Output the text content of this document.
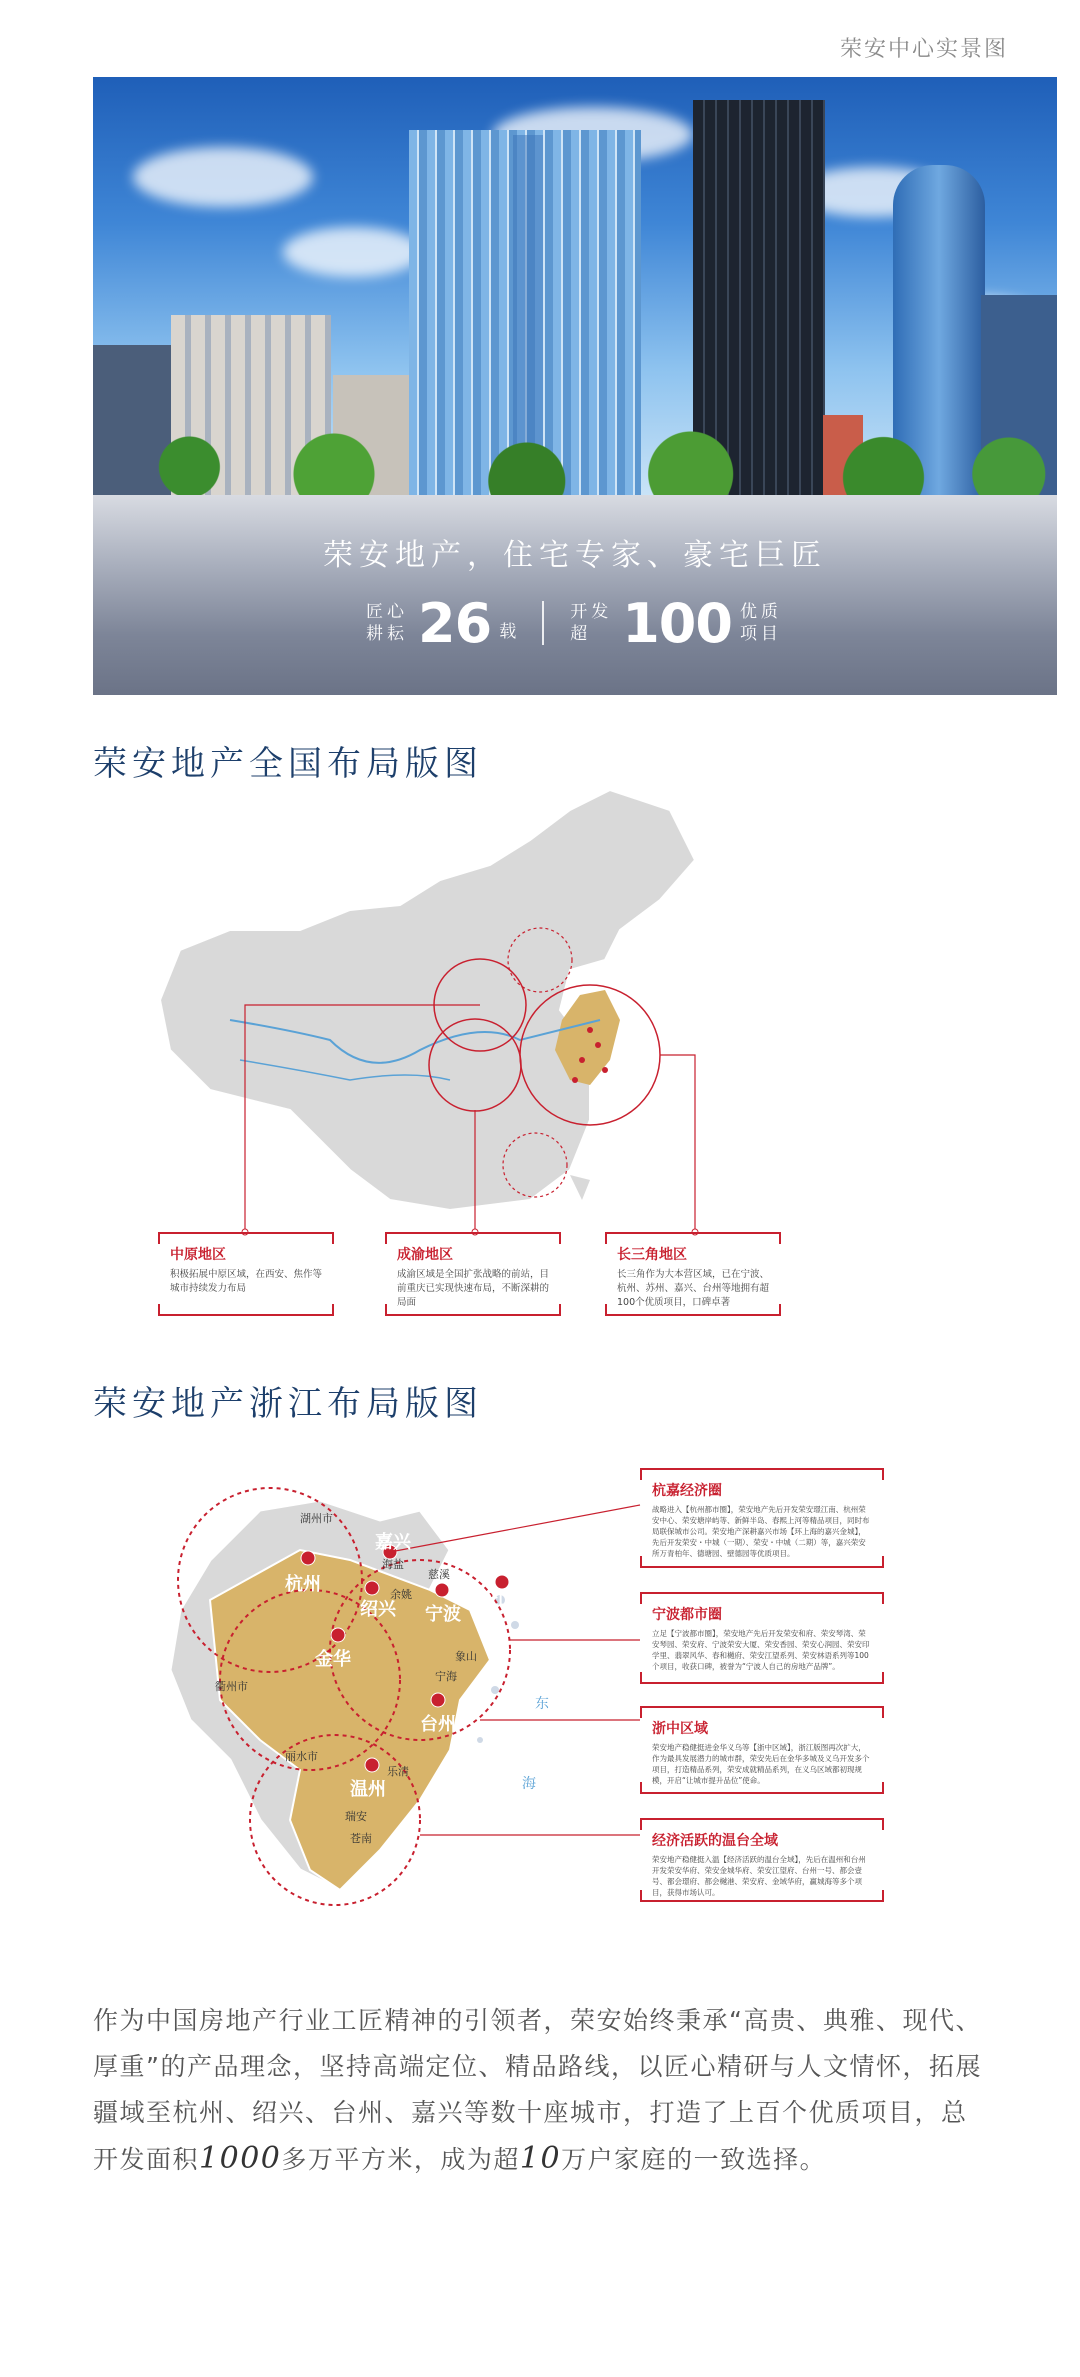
荣安中心实景图
荣安地产，住宅专家、豪宅巨匠
匠心耕耘 26 载
开发超 100 优质项目
荣安地产全国布局版图
中原地区
积极拓展中原区域，在西安、焦作等城市持续发力布局
成渝地区
成渝区域是全国扩张战略的前站，目前重庆已实现快速布局，不断深耕的局面
长三角地区
长三角作为大本营区域，已在宁波、杭州、苏州、嘉兴、台州等地拥有超100个优质项目，口碑卓著
荣安地产浙江布局版图
嘉兴
杭州
绍兴 宁波
舟山
金华
台州
温州
湖州市
海盐
慈溪
余姚
象山
宁海
衢州市
丽水市
乐清
瑞安
苍南
东
海
杭嘉经济圈
战略进入【杭州都市圈】，荣安地产先后开发荣安璟江南、杭州荣安中心、荣安塘岸屿等、新鲜半岛、春熙上河等精品项目，同时布局联保城市公司。荣安地产深耕嘉兴市场【环上海的嘉兴金城】，先后开发荣安・中城（一期）、荣安・中城（二期）等，嘉兴荣安所万青柏年、德塘园、壁德园等优质项目。
宁波都市圈
立足【宁波都市圈】，荣安地产先后开发荣安和府、荣安琴湾、荣安琴园、荣安府、宁波荣安大厦、荣安香园、荣安心润园、荣安印学里、翡翠风华、春和樾府、荣安江望系列、荣安林语系列等100个项目，收获口碑，被誉为“宁波人自己的房地产品牌”。
浙中区域
荣安地产稳健挺进金华义乌等【浙中区域】，浙江版图再次扩大，作为最具发展潜力的城市群，荣安先后在金华多城及义乌开发多个项目，打造精品系列，荣安成就精品系列，在义乌区域都初现规模，开启“让城市提升品位”使命。
经济活跃的温台全域
荣安地产稳健挺入温【经济活跃的温台全域】，先后在温州和台州开发荣安华府、荣安金城华府、荣安江望府、台州一号、都会壹号、都会璟府、都会樾港、荣安府、金域华府，赢城海等多个项目，获得市场认可。
作为中国房地产行业工匠精神的引领者，荣安始终秉承“高贵、典雅、现代、厚重”的产品理念，坚持高端定位、精品路线，以匠心精研与人文情怀，拓展疆域至杭州、绍兴、台州、嘉兴等数十座城市，打造了上百个优质项目，总开发面积1000多万平方米，成为超10万户家庭的一致选择。
